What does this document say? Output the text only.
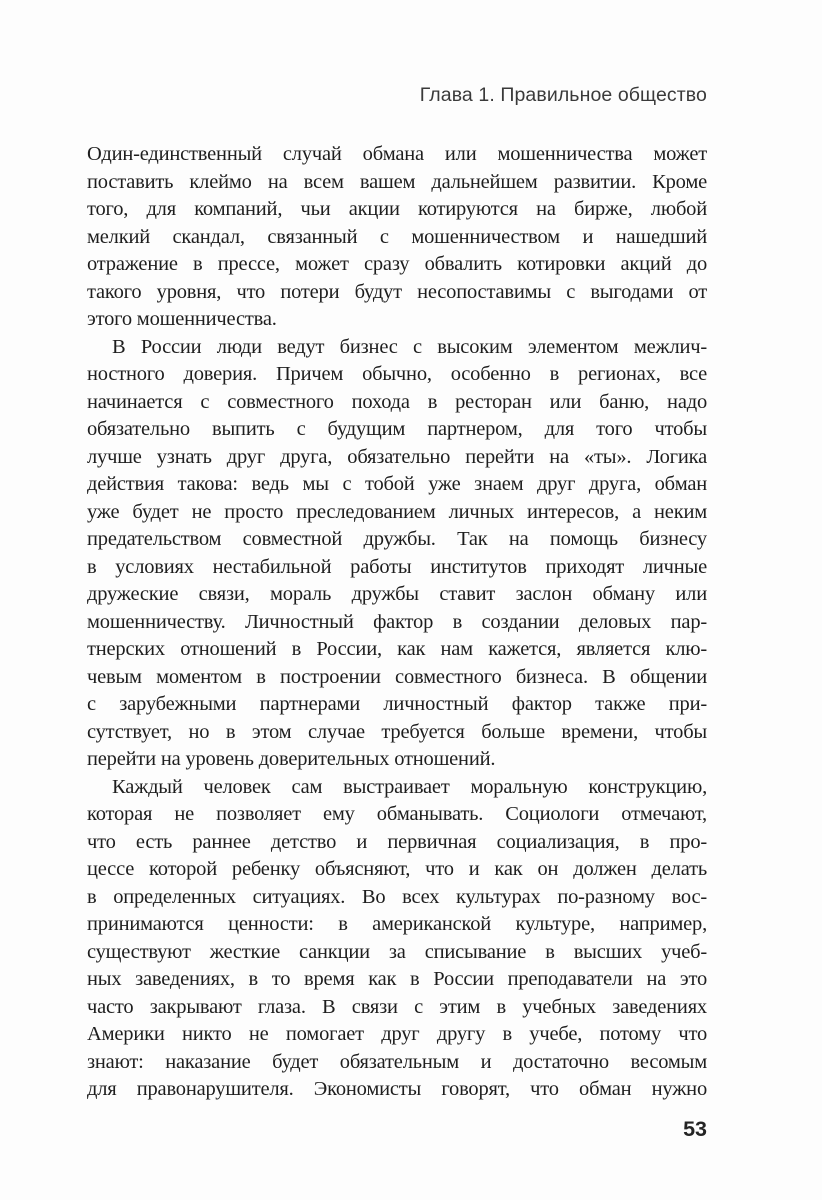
Глава 1. Правильное общество
Один-единственный случай обмана или мошенничества может
поставить клеймо на всем вашем дальнейшем развитии. Кроме
того, для компаний, чьи акции котируются на бирже, любой
мелкий скандал, связанный с мошенничеством и нашедший
отражение в прессе, может сразу обвалить котировки акций до
такого уровня, что потери будут несопоставимы с выгодами от
этого мошенничества.
В России люди ведут бизнес с высоким элементом межлич-
ностного доверия. Причем обычно, особенно в регионах, все
начинается с совместного похода в ресторан или баню, надо
обязательно выпить с будущим партнером, для того чтобы
лучше узнать друг друга, обязательно перейти на «ты». Логика
действия такова: ведь мы с тобой уже знаем друг друга, обман
уже будет не просто преследованием личных интересов, а неким
предательством совместной дружбы. Так на помощь бизнесу
в условиях нестабильной работы институтов приходят личные
дружеские связи, мораль дружбы ставит заслон обману или
мошенничеству. Личностный фактор в создании деловых пар-
тнерских отношений в России, как нам кажется, является клю-
чевым моментом в построении совместного бизнеса. В общении
с зарубежными партнерами личностный фактор также при-
сутствует, но в этом случае требуется больше времени, чтобы
перейти на уровень доверительных отношений.
Каждый человек сам выстраивает моральную конструкцию,
которая не позволяет ему обманывать. Социологи отмечают,
что есть раннее детство и первичная социализация, в про-
цессе которой ребенку объясняют, что и как он должен делать
в определенных ситуациях. Во всех культурах по-разному вос-
принимаются ценности: в американской культуре, например,
существуют жесткие санкции за списывание в высших учеб-
ных заведениях, в то время как в России преподаватели на это
часто закрывают глаза. В связи с этим в учебных заведениях
Америки никто не помогает друг другу в учебе, потому что
знают: наказание будет обязательным и достаточно весомым
для правонарушителя. Экономисты говорят, что обман нужно
53
